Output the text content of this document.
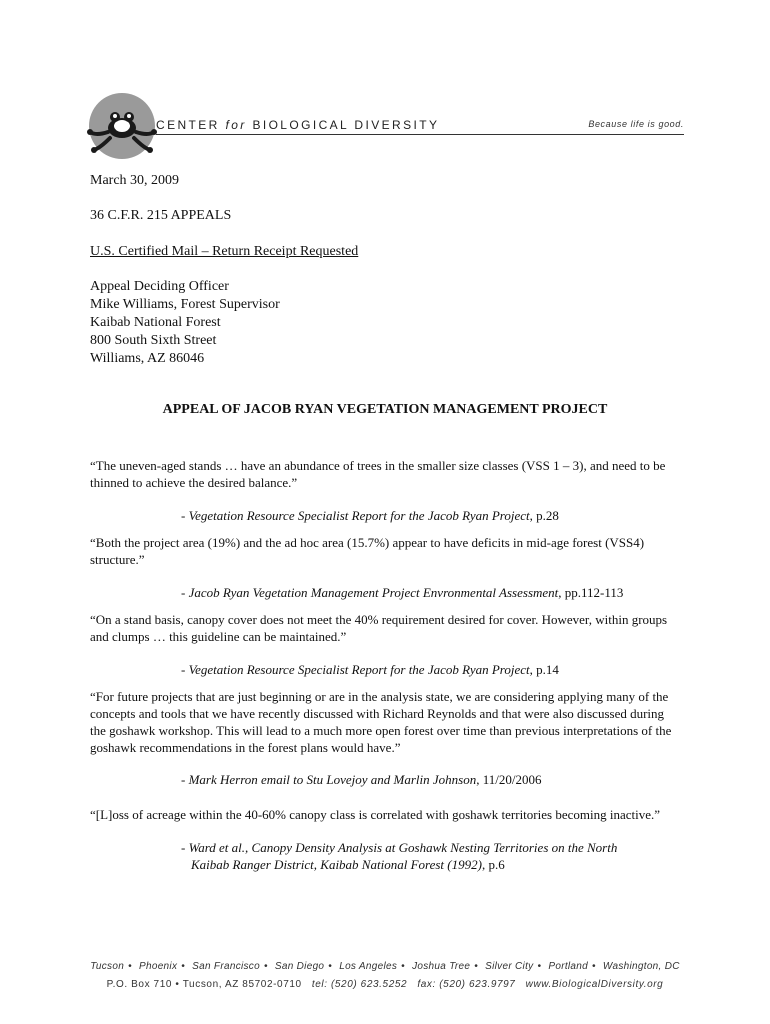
CENTER for BIOLOGICAL DIVERSITY	Because life is good.
March 30, 2009
36 C.F.R. 215 APPEALS
U.S. Certified Mail – Return Receipt Requested
Appeal Deciding Officer
Mike Williams, Forest Supervisor
Kaibab National Forest
800 South Sixth Street
Williams, AZ 86046
APPEAL OF JACOB RYAN VEGETATION MANAGEMENT PROJECT
“The uneven-aged stands … have an abundance of trees in the smaller size classes (VSS 1 – 3), and need to be thinned to achieve the desired balance.”
- Vegetation Resource Specialist Report for the Jacob Ryan Project, p.28
“Both the project area (19%) and the ad hoc area (15.7%) appear to have deficits in mid-age forest (VSS4) structure.”
- Jacob Ryan Vegetation Management Project Envronmental Assessment, pp.112-113
“On a stand basis, canopy cover does not meet the 40% requirement desired for cover. However, within groups and clumps … this guideline can be maintained.”
- Vegetation Resource Specialist Report for the Jacob Ryan Project, p.14
“For future projects that are just beginning or are in the analysis state, we are considering applying many of the concepts and tools that we have recently discussed with Richard Reynolds and that were also discussed during the goshawk workshop. This will lead to a much more open forest over time than previous interpretations of the goshawk recommendations in the forest plans would have.”
- Mark Herron email to Stu Lovejoy and Marlin Johnson, 11/20/2006
“[L]oss of acreage within the 40-60% canopy class is correlated with goshawk territories becoming inactive.”
- Ward et al., Canopy Density Analysis at Goshawk Nesting Territories on the North
Kaibab Ranger District, Kaibab National Forest (1992), p.6
Tucson • Phoenix • San Francisco • San Diego • Los Angeles • Joshua Tree • Silver City • Portland • Washington, DC
P.O. Box 710 • Tucson, AZ 85702-0710 tel: (520) 623.5252 fax: (520) 623.9797 www.BiologicalDiversity.org
